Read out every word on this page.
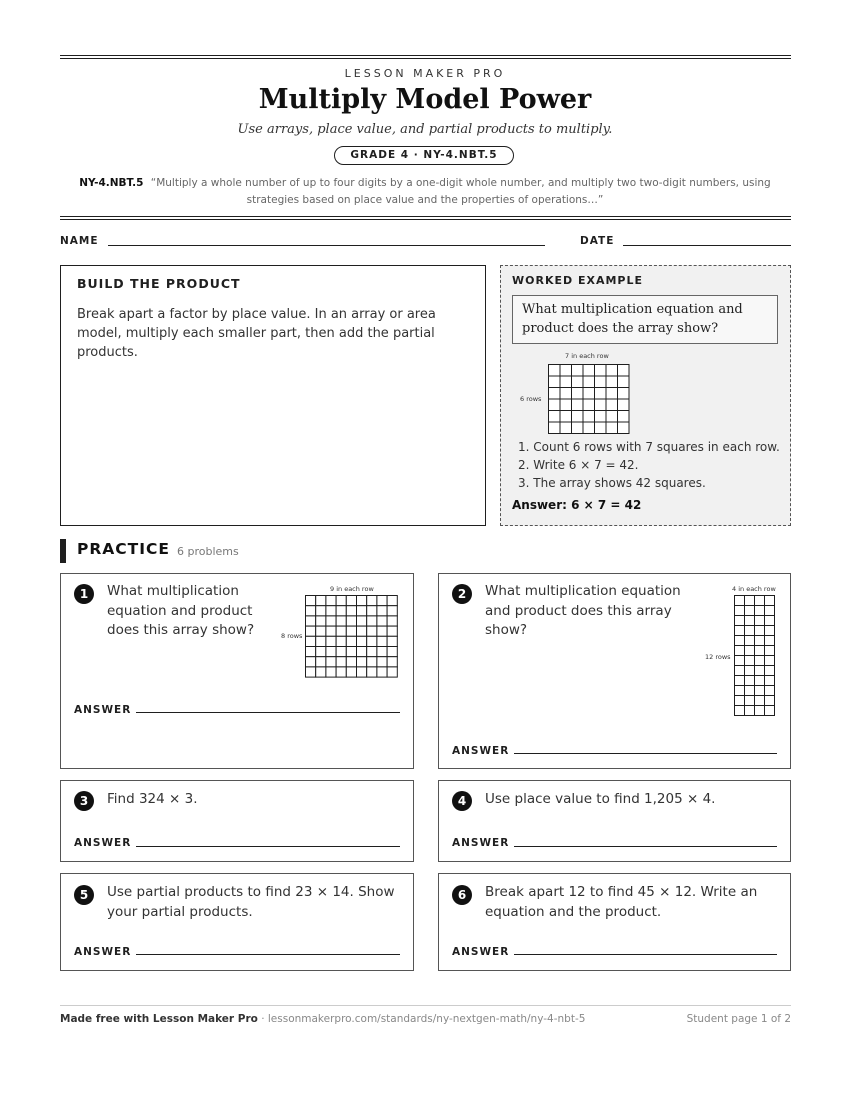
LESSON MAKER PRO
Multiply Model Power
Use arrays, place value, and partial products to multiply.
GRADE 4 · NY-4.NBT.5
NY-4.NBT.5 “Multiply a whole number of up to four digits by a one-digit whole number, and multiply two two-digit numbers, using strategies based on place value and the properties of operations…”
NAME	DATE
BUILD THE PRODUCT
Break apart a factor by place value. In an array or area model, multiply each smaller part, then add the partial products.
WORKED EXAMPLE
What multiplication equation and product does the array show?
7 in each row
6 rows
1. Count 6 rows with 7 squares in each row.
2. Write 6 × 7 = 42.
3. The array shows 42 squares.
Answer: 6 × 7 = 42
PRACTICE 6 problems
1	What multiplication equation and product does this array show?
9 in each row
8 rows
ANSWER
2	What multiplication equation and product does this array show?
4 in each row
12 rows
ANSWER
3	Find 324 × 3.
ANSWER
4	Use place value to find 1,205 × 4.
ANSWER
5	Use partial products to find 23 × 14. Show your partial products.
ANSWER
6	Break apart 12 to find 45 × 12. Write an equation and the product.
ANSWER
Made free with Lesson Maker Pro · lessonmakerpro.com/standards/ny-nextgen-math/ny-4-nbt-5	Student page 1 of 2
